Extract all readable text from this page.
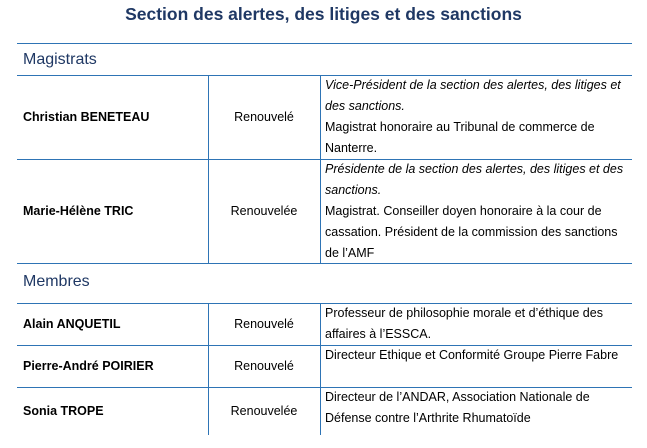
Section des alertes, des litiges et des sanctions
Magistrats
Christian BENETEAU	Renouvelé
Vice-Président de la section des alertes, des litiges et des sanctions.
Magistrat honoraire au Tribunal de commerce de Nanterre.
Marie-Hélène TRIC	Renouvelée
Présidente de la section des alertes, des litiges et des sanctions.
Magistrat. Conseiller doyen honoraire à la cour de cassation. Président de la commission des sanctions de l’AMF
Membres
Alain ANQUETIL	Renouvelé
Professeur de philosophie morale et d’éthique des affaires à l’ESSCA.
Pierre-André POIRIER	Renouvelé
Directeur Ethique et Conformité Groupe Pierre Fabre
Sonia TROPE	Renouvelée
Directeur de l’ANDAR, Association Nationale de Défense contre l’Arthrite Rhumatoïde
